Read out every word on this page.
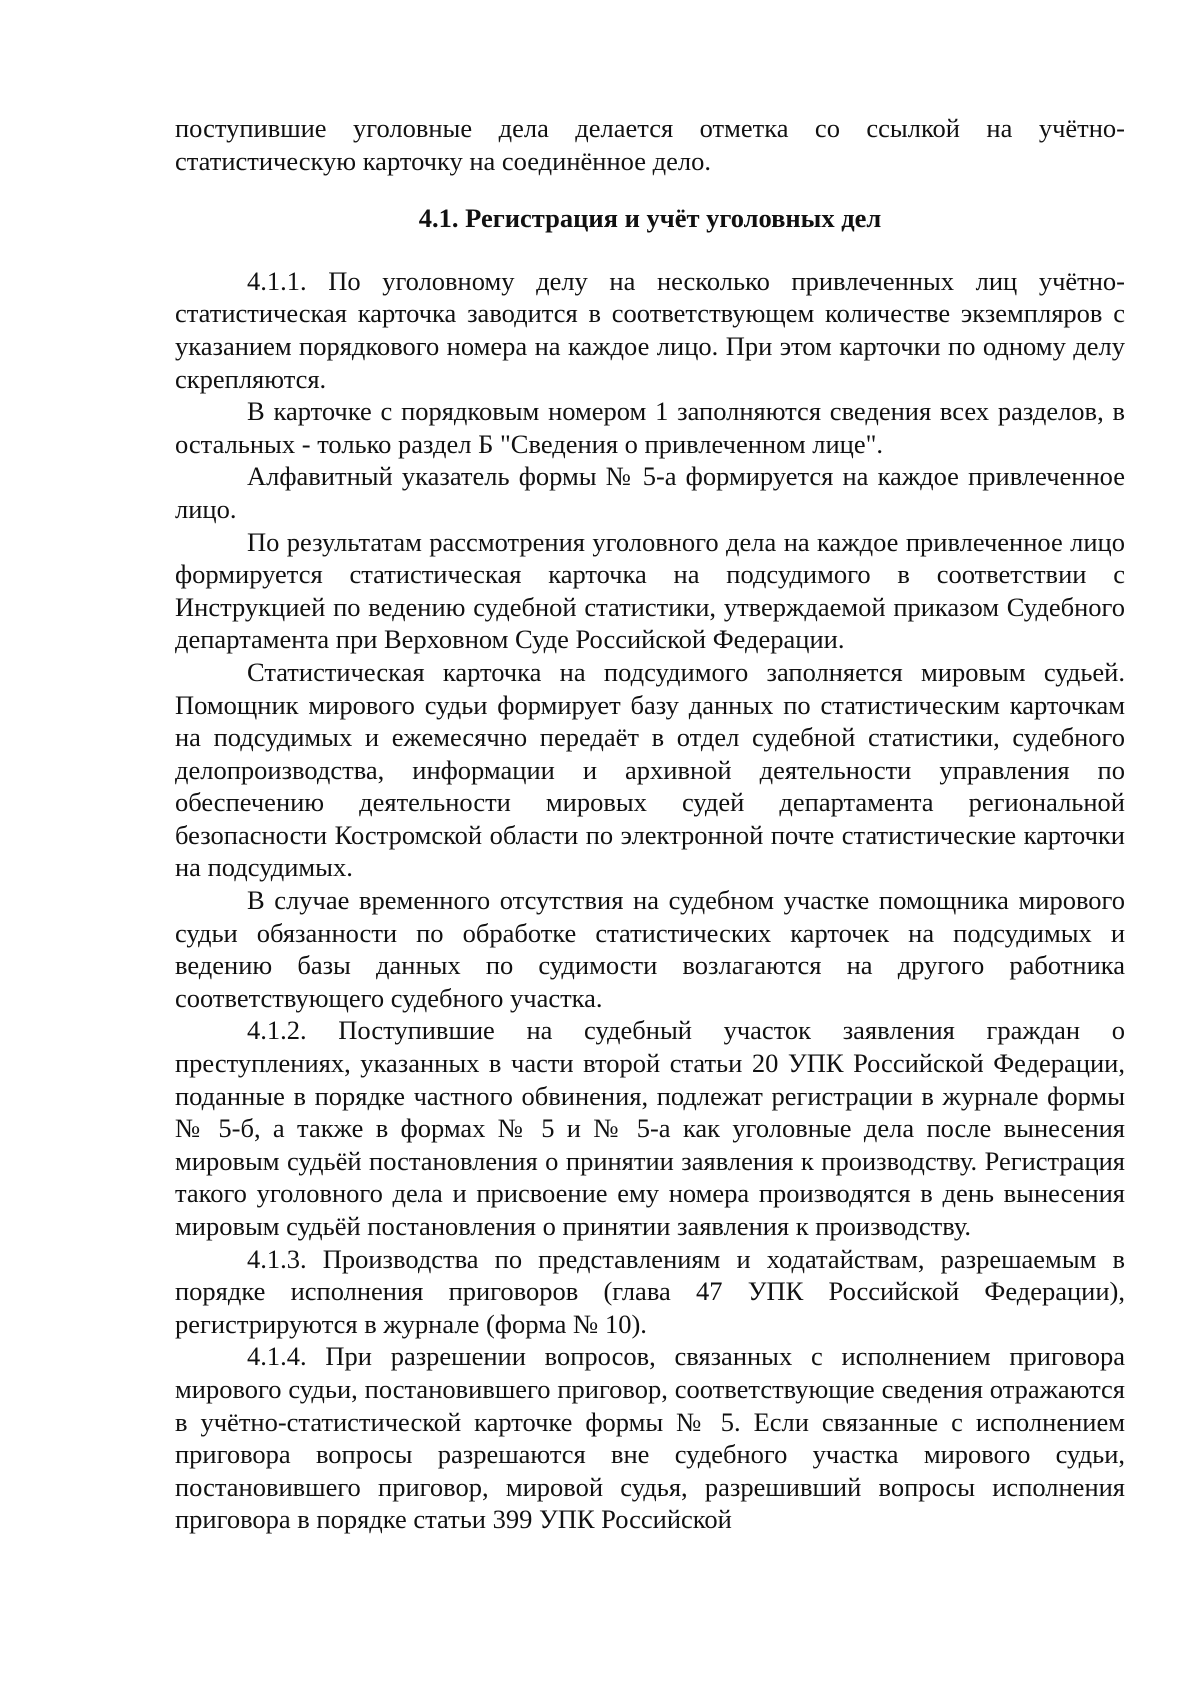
поступившие уголовные дела делается отметка со ссылкой на учётно-статистическую карточку на соединённое дело.

4.1. Регистрация и учёт уголовных дел

4.1.1. По уголовному делу на несколько привлеченных лиц учётно-статистическая карточка заводится в соответствующем количестве экземпляров с указанием порядкового номера на каждое лицо. При этом карточки по одному делу скрепляются.

В карточке с порядковым номером 1 заполняются сведения всех разделов, в остальных - только раздел Б "Сведения о привлеченном лице".

Алфавитный указатель формы № 5-а формируется на каждое привлеченное лицо.

По результатам рассмотрения уголовного дела на каждое привлеченное лицо формируется статистическая карточка на подсудимого в соответствии с Инструкцией по ведению судебной статистики, утверждаемой приказом Судебного департамента при Верховном Суде Российской Федерации.

Статистическая карточка на подсудимого заполняется мировым судьей. Помощник мирового судьи формирует базу данных по статистическим карточкам на подсудимых и ежемесячно передаёт в отдел судебной статистики, судебного делопроизводства, информации и архивной деятельности управления по обеспечению деятельности мировых судей департамента региональной безопасности Костромской области по электронной почте статистические карточки на подсудимых.

В случае временного отсутствия на судебном участке помощника мирового судьи обязанности по обработке статистических карточек на подсудимых и ведению базы данных по судимости возлагаются на другого работника соответствующего судебного участка.

4.1.2. Поступившие на судебный участок заявления граждан о преступлениях, указанных в части второй статьи 20 УПК Российской Федерации, поданные в порядке частного обвинения, подлежат регистрации в журнале формы № 5-б, а также в формах № 5 и № 5-а как уголовные дела после вынесения мировым судьёй постановления о принятии заявления к производству. Регистрация такого уголовного дела и присвоение ему номера производятся в день вынесения мировым судьёй постановления о принятии заявления к производству.

4.1.3. Производства по представлениям и ходатайствам, разрешаемым в порядке исполнения приговоров (глава 47 УПК Российской Федерации), регистрируются в журнале (форма № 10).

4.1.4. При разрешении вопросов, связанных с исполнением приговора мирового судьи, постановившего приговор, соответствующие сведения отражаются в учётно-статистической карточке формы № 5. Если связанные с исполнением приговора вопросы разрешаются вне судебного участка мирового судьи, постановившего приговор, мировой судья, разрешивший вопросы исполнения приговора в порядке статьи 399 УПК Российской
